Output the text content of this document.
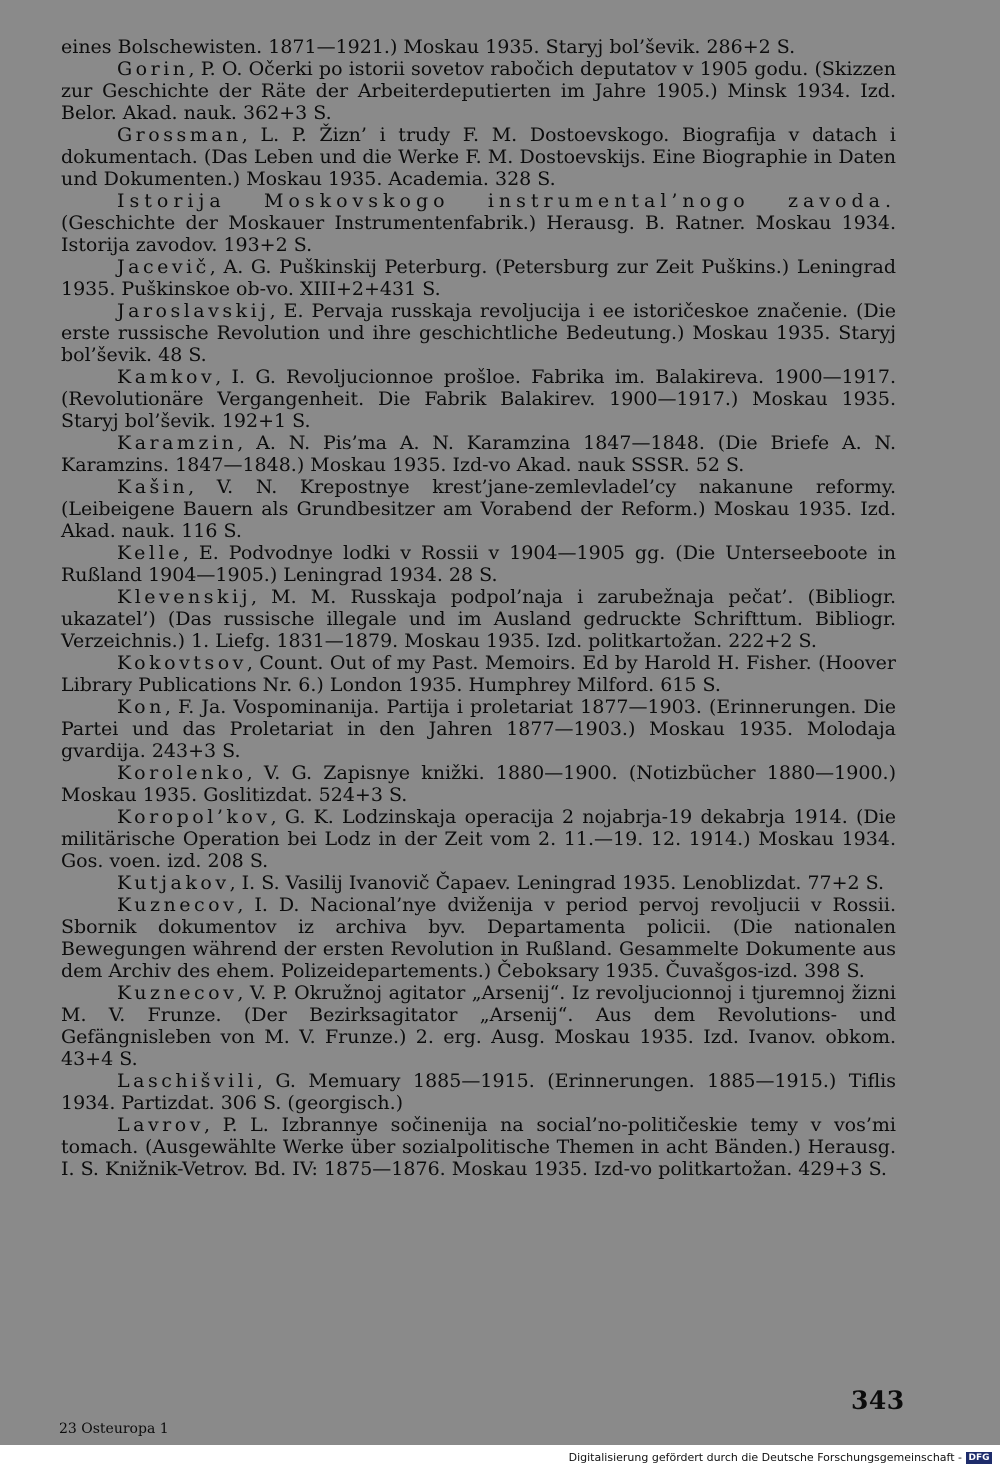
eines Bolschewisten. 1871—1921.) Moskau 1935. Staryj bol’ševik. 286+2 S.

Gorin, P. O. Očerki po istorii sovetov rabočich deputatov v 1905 godu. (Skizzen zur Geschichte der Räte der Arbeiterdeputierten im Jahre 1905.) Minsk 1934. Izd. Belor. Akad. nauk. 362+3 S.

Grossman, L. P. Žizn’ i trudy F. M. Dostoevskogo. Biografija v datach i dokumentach. (Das Leben und die Werke F. M. Dostoevskijs. Eine Biographie in Daten und Dokumenten.) Moskau 1935. Academia. 328 S.

Istorija Moskovskogo instrumental’nogo zavoda. (Geschichte der Moskauer Instrumentenfabrik.) Herausg. B. Ratner. Moskau 1934. Istorija zavodov. 193+2 S.

Jacevič, A. G. Puškinskij Peterburg. (Petersburg zur Zeit Puškins.) Leningrad 1935. Puškinskoe ob-vo. XIII+2+431 S.

Jaroslavskij, E. Pervaja russkaja revoljucija i ee istoričeskoe značenie. (Die erste russische Revolution und ihre geschichtliche Bedeutung.) Moskau 1935. Staryj bol’ševik. 48 S.

Kamkov, I. G. Revoljucionnoe prošloe. Fabrika im. Balakireva. 1900—1917. (Revolutionäre Vergangenheit. Die Fabrik Balakirev. 1900—1917.) Moskau 1935. Staryj bol’ševik. 192+1 S.

Karamzin, A. N. Pis’ma A. N. Karamzina 1847—1848. (Die Briefe A. N. Karamzins. 1847—1848.) Moskau 1935. Izd-vo Akad. nauk SSSR. 52 S.

Kašin, V. N. Krepostnye krest’jane-zemlevladel’cy nakanune reformy. (Leibeigene Bauern als Grundbesitzer am Vorabend der Reform.) Moskau 1935. Izd. Akad. nauk. 116 S.

Kelle, E. Podvodnye lodki v Rossii v 1904—1905 gg. (Die Unterseeboote in Rußland 1904—1905.) Leningrad 1934. 28 S.

Klevenskij, M. M. Russkaja podpol’naja i zarubežnaja pečat’. (Bibliogr. ukazatel’) (Das russische illegale und im Ausland gedruckte Schrifttum. Bibliogr. Verzeichnis.) 1. Liefg. 1831—1879. Moskau 1935. Izd. politkartožan. 222+2 S.

Kokovtsov, Count. Out of my Past. Memoirs. Ed by Harold H. Fisher. (Hoover Library Publications Nr. 6.) London 1935. Humphrey Milford. 615 S.

Kon, F. Ja. Vospominanija. Partija i proletariat 1877—1903. (Erinnerungen. Die Partei und das Proletariat in den Jahren 1877—1903.) Moskau 1935. Molodaja gvardija. 243+3 S.

Korolenko, V. G. Zapisnye knižki. 1880—1900. (Notizbücher 1880—1900.) Moskau 1935. Goslitizdat. 524+3 S.

Koropol’kov, G. K. Lodzinskaja operacija 2 nojabrja-19 dekabrja 1914. (Die militärische Operation bei Lodz in der Zeit vom 2. 11.—19. 12. 1914.) Moskau 1934. Gos. voen. izd. 208 S.

Kutjakov, I. S. Vasilij Ivanovič Čapaev. Leningrad 1935. Lenoblizdat. 77+2 S.

Kuznecov, I. D. Nacional’nye dviženija v period pervoj revoljucii v Rossii. Sbornik dokumentov iz archiva byv. Departamenta policii. (Die nationalen Bewegungen während der ersten Revolution in Rußland. Gesammelte Dokumente aus dem Archiv des ehem. Polizeidepartements.) Čeboksary 1935. Čuvašgos-izd. 398 S.

Kuznecov, V. P. Okružnoj agitator „Arsenij“. Iz revoljucionnoj i tjuremnoj žizni M. V. Frunze. (Der Bezirksagitator „Arsenij“. Aus dem Revolutions- und Gefängnisleben von M. V. Frunze.) 2. erg. Ausg. Moskau 1935. Izd. Ivanov. obkom. 43+4 S.

Laschišvili, G. Memuary 1885—1915. (Erinnerungen. 1885—1915.) Tiflis 1934. Partizdat. 306 S. (georgisch.)

Lavrov, P. L. Izbrannye sočinenija na social’no-političeskie temy v vos’mi tomach. (Ausgewählte Werke über sozialpolitische Themen in acht Bänden.) Herausg. I. S. Knižnik-Vetrov. Bd. IV: 1875—1876. Moskau 1935. Izd-vo politkartožan. 429+3 S.

343
23 Osteuropa 1
Digitalisierung gefördert durch die Deutsche Forschungsgemeinschaft - DFG
